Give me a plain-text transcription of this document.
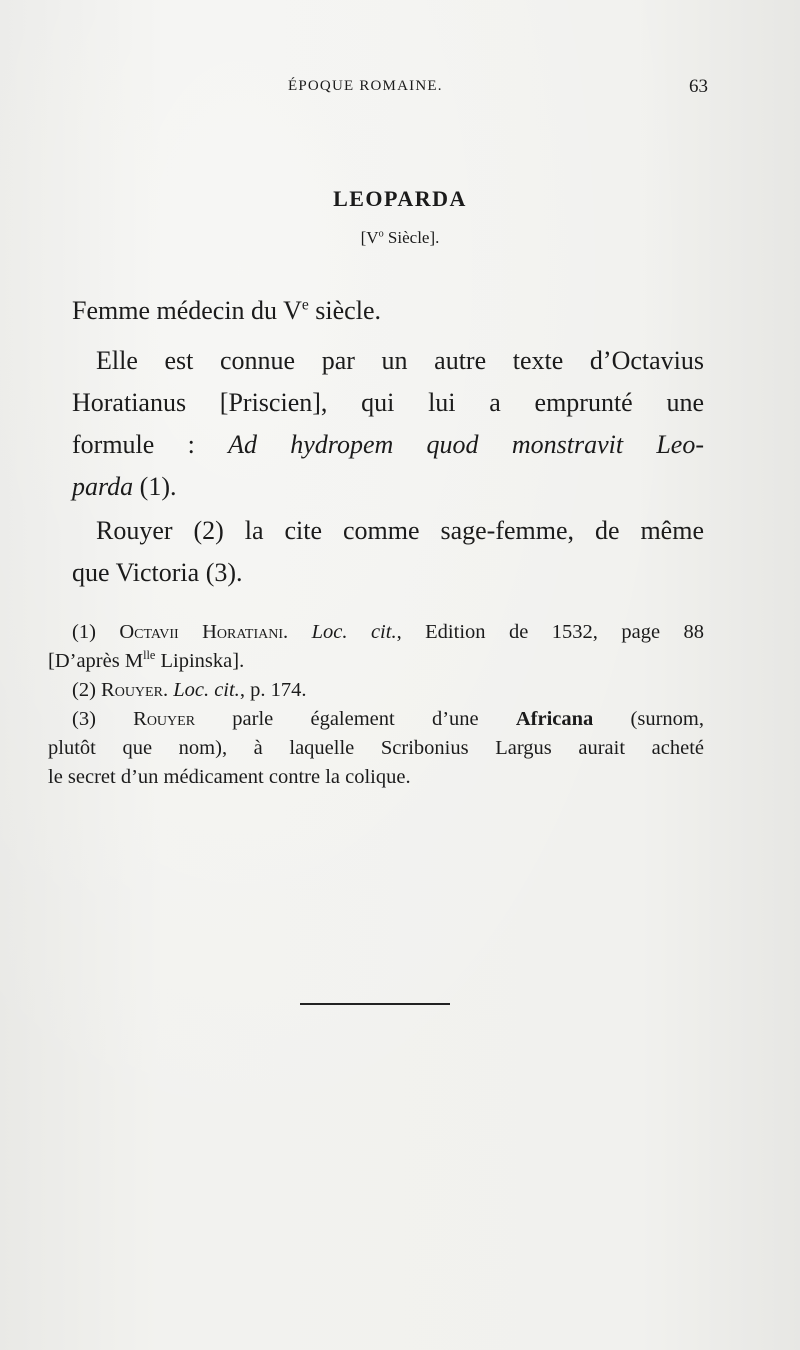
ÉPOQUE ROMAINE.	63
LEOPARDA
[$V^o$ Siècle].

Femme médecin du Ve siècle.

Elle est connue par un autre texte d’Octavius
Horatianus [Priscien], qui lui a emprunté une
formule : Ad hydropem quod monstravit Leo-
parda (1).
Rouyer (2) la cite comme sage-femme, de même
que Victoria (3).
(1) Octavii Horatiani. Loc. cit., Edition de 1532, page 88
[D’après $M^{lle}$ Lipinska].
(2) Rouyer. Loc. cit., p. 174.
(3) Rouyer parle également d’une Africana (surnom,
plutôt que nom), à laquelle Scribonius Largus aurait acheté
le secret d’un médicament contre la colique.
